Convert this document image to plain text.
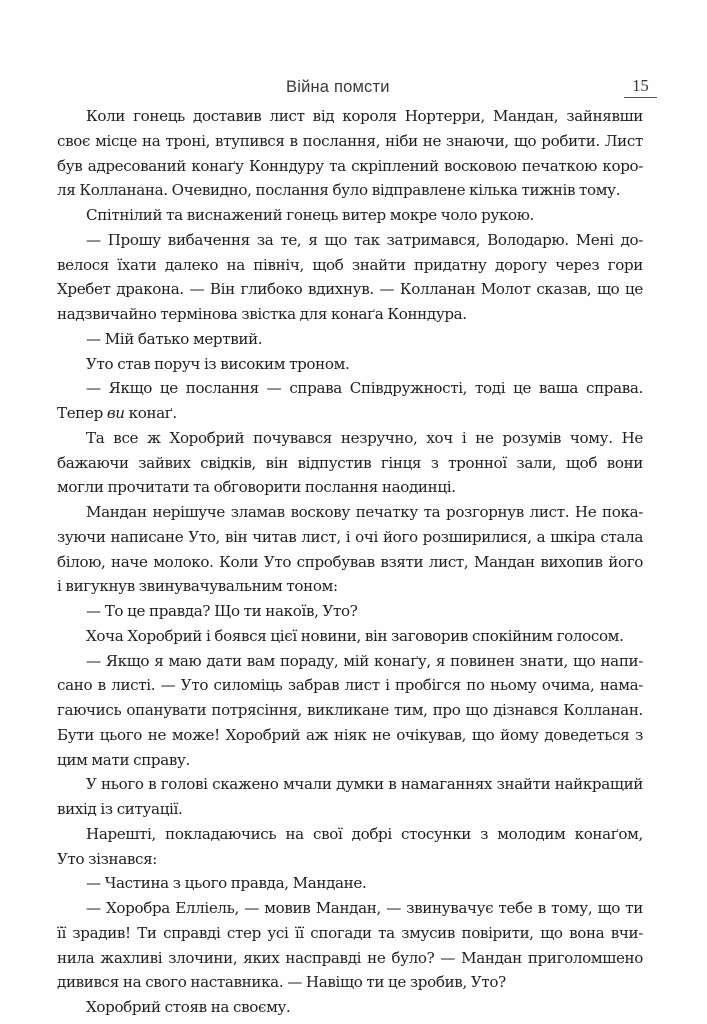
Війна помсти	15
Коли гонець доставив лист від короля Нортерри, Мандан, зайнявши
своє місце на троні, втупився в послання, ніби не знаючи, що робити. Лист
був адресований конаґу Конндуру та скріплений восковою печаткою коро-
ля Колланана. Очевидно, послання було відправлене кілька тижнів тому.
Спітнілий та виснажений гонець витер мокре чоло рукою.
— Прошу вибачення за те, я що так затримався, Володарю. Мені до-
велося їхати далеко на північ, щоб знайти придатну дорогу через гори
Хребет дракона. — Він глибоко вдихнув. — Колланан Молот сказав, що це
надзвичайно термінова звістка для конаґа Конндура.
— Мій батько мертвий.
Уто став поруч із високим троном.
— Якщо це послання — справа Співдружності, тоді це ваша справа.
Тепер ви конаґ.
Та все ж Хоробрий почувався незручно, хоч і не розумів чому. Не
бажаючи зайвих свідків, він відпустив гінця з тронної зали, щоб вони
могли прочитати та обговорити послання наодинці.
Мандан нерішуче зламав воскову печатку та розгорнув лист. Не пока-
зуючи написане Уто, він читав лист, і очі його розширилися, а шкіра стала
білою, наче молоко. Коли Уто спробував взяти лист, Мандан вихопив його
і вигукнув звинувачувальним тоном:
— То це правда? Що ти накоїв, Уто?
Хоча Хоробрий і боявся цієї новини, він заговорив спокійним голосом.
— Якщо я маю дати вам пораду, мій конаґу, я повинен знати, що напи-
сано в листі. — Уто силоміць забрав лист і пробігся по ньому очима, нама-
гаючись опанувати потрясіння, викликане тим, про що дізнався Колланан.
Бути цього не може! Хоробрий аж ніяк не очікував, що йому доведеться з
цим мати справу.
У нього в голові скажено мчали думки в намаганнях знайти найкращий
вихід із ситуації.
Нарешті, покладаючись на свої добрі стосунки з молодим конаґом,
Уто зізнався:
— Частина з цього правда, Мандане.
— Хоробра Елліель, — мовив Мандан, — звинувачує тебе в тому, що ти
її зрадив! Ти справді стер усі її спогади та змусив повірити, що вона вчи-
нила жахливі злочини, яких насправді не було? — Мандан приголомшено
дивився на свого наставника. — Навіщо ти це зробив, Уто?
Хоробрий стояв на своєму.
